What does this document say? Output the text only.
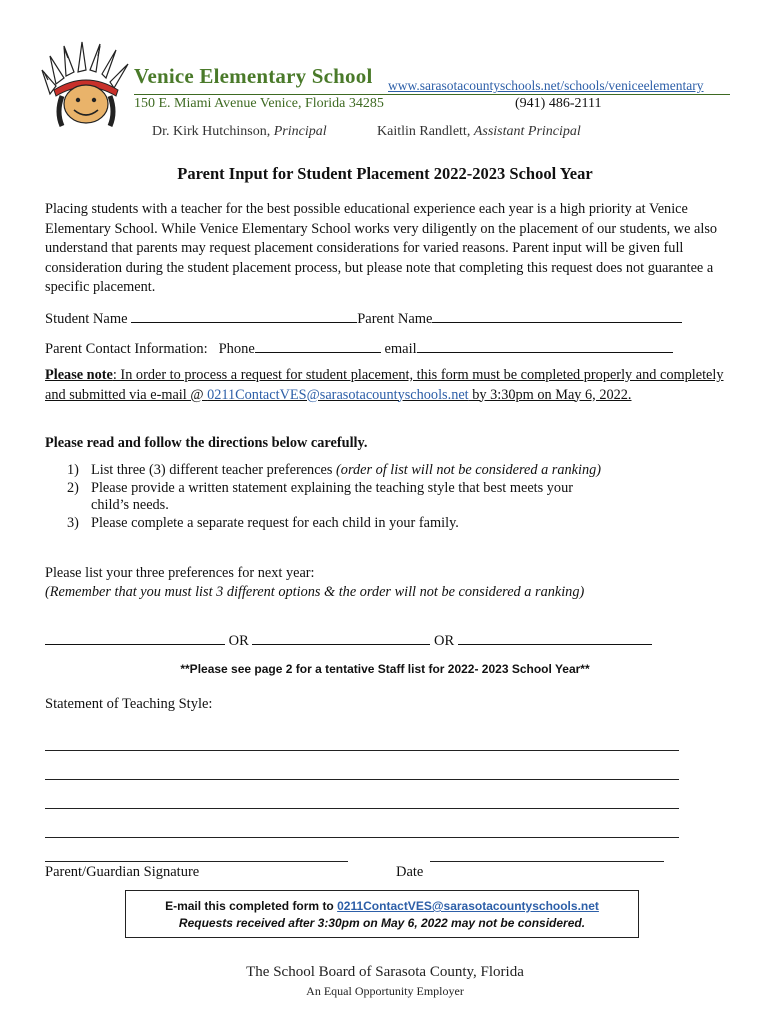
Venice Elementary School www.sarasotacountyschools.net/schools/veniceelementary
150 E. Miami Avenue Venice, Florida 34285	(941) 486-2111
Dr. Kirk Hutchinson, Principal	Kaitlin Randlett, Assistant Principal
Parent Input for Student Placement 2022-2023 School Year
Placing students with a teacher for the best possible educational experience each year is a high priority at Venice Elementary School. While Venice Elementary School works very diligently on the placement of our students, we also understand that parents may request placement considerations for varied reasons. Parent input will be given full consideration during the student placement process, but please note that completing this request does not guarantee a specific placement.
Student Name	Parent Name
Parent Contact Information: Phone	email
Please note: In order to process a request for student placement, this form must be completed properly and completely and submitted via e-mail @ 0211ContactVES@sarasotacountyschools.net by 3:30pm on May 6, 2022.
Please read and follow the directions below carefully.
1) List three (3) different teacher preferences (order of list will not be considered a ranking)
2) Please provide a written statement explaining the teaching style that best meets your child’s needs.
3) Please complete a separate request for each child in your family.
Please list your three preferences for next year:
(Remember that you must list 3 different options & the order will not be considered a ranking)
OR	OR
**Please see page 2 for a tentative Staff list for 2022- 2023 School Year**
Statement of Teaching Style:
Parent/Guardian Signature	Date
E-mail this completed form to 0211ContactVES@sarasotacountyschools.net
Requests received after 3:30pm on May 6, 2022 may not be considered.
The School Board of Sarasota County, Florida
An Equal Opportunity Employer
